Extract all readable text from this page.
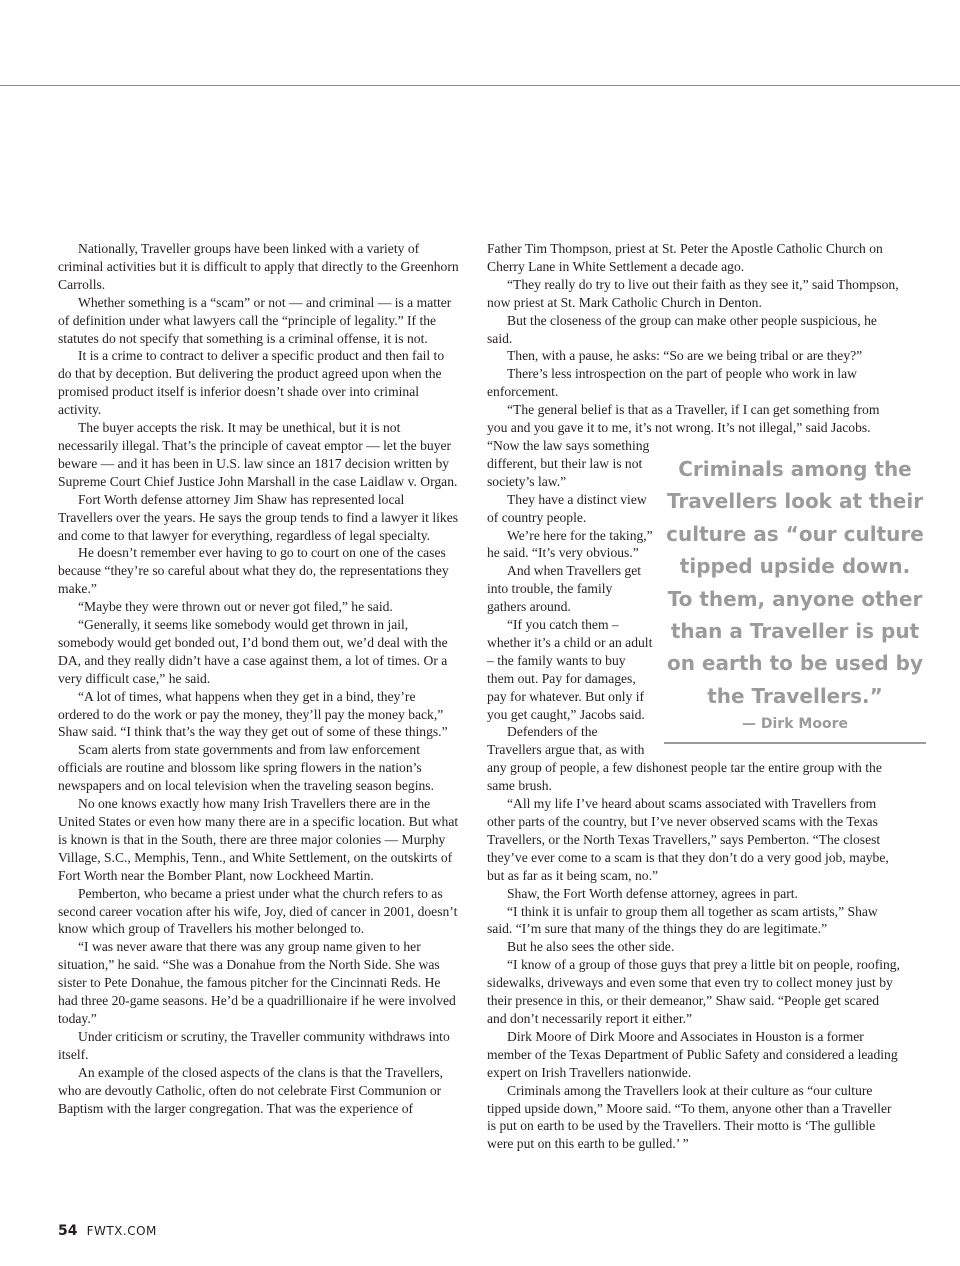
Nationally, Traveller groups have been linked with a variety of criminal activities but it is difficult to apply that directly to the Greenhorn Carrolls.

Whether something is a “scam” or not — and criminal — is a matter of definition under what lawyers call the “principle of legality.” If the statutes do not specify that something is a criminal offense, it is not.

It is a crime to contract to deliver a specific product and then fail to do that by deception. But delivering the product agreed upon when the promised product itself is inferior doesn’t shade over into criminal activity.

The buyer accepts the risk. It may be unethical, but it is not necessarily illegal. That’s the principle of caveat emptor — let the buyer beware — and it has been in U.S. law since an 1817 decision written by Supreme Court Chief Justice John Marshall in the case Laidlaw v. Organ.

Fort Worth defense attorney Jim Shaw has represented local Travellers over the years. He says the group tends to find a lawyer it likes and come to that lawyer for everything, regardless of legal specialty.

He doesn’t remember ever having to go to court on one of the cases because “they’re so careful about what they do, the representations they make.”

“Maybe they were thrown out or never got filed,” he said.

“Generally, it seems like somebody would get thrown in jail, somebody would get bonded out, I’d bond them out, we’d deal with the DA, and they really didn’t have a case against them, a lot of times. Or a very difficult case,” he said.

“A lot of times, what happens when they get in a bind, they’re ordered to do the work or pay the money, they’ll pay the money back,” Shaw said. “I think that’s the way they get out of some of these things.”

Scam alerts from state governments and from law enforcement officials are routine and blossom like spring flowers in the nation’s newspapers and on local television when the traveling season begins.

No one knows exactly how many Irish Travellers there are in the United States or even how many there are in a specific location. But what is known is that in the South, there are three major colonies — Murphy Village, S.C., Memphis, Tenn., and White Settlement, on the outskirts of Fort Worth near the Bomber Plant, now Lockheed Martin.

Pemberton, who became a priest under what the church refers to as second career vocation after his wife, Joy, died of cancer in 2001, doesn’t know which group of Travellers his mother belonged to.

“I was never aware that there was any group name given to her situation,” he said. “She was a Donahue from the North Side. She was sister to Pete Donahue, the famous pitcher for the Cincinnati Reds. He had three 20-game seasons. He’d be a quadrillionaire if he were involved today.”

Under criticism or scrutiny, the Traveller community withdraws into itself.

An example of the closed aspects of the clans is that the Travellers, who are devoutly Catholic, often do not celebrate First Communion or Baptism with the larger congregation. That was the experience of

Father Tim Thompson, priest at St. Peter the Apostle Catholic Church on Cherry Lane in White Settlement a decade ago.

“They really do try to live out their faith as they see it,” said Thompson, now priest at St. Mark Catholic Church in Denton.

But the closeness of the group can make other people suspicious, he said.

Then, with a pause, he asks: “So are we being tribal or are they?”

There’s less introspection on the part of people who work in law enforcement.

“The general belief is that as a Traveller, if I can get something from you and you gave it to me, it’s not wrong. It’s not illegal,” said Jacobs.

Criminals among the Travellers look at their culture as “our culture tipped upside down. To them, anyone other than a Traveller is put on earth to be used by the Travellers.”
— Dirk Moore

“Now the law says something different, but their law is not society’s law.”

They have a distinct view of country people.

We’re here for the taking,” he said. “It’s very obvious.”

And when Travellers get into trouble, the family gathers around.

“If you catch them – whether it’s a child or an adult – the family wants to buy them out. Pay for damages, pay for whatever. But only if you get caught,” Jacobs said.

Defenders of the Travellers argue that, as with any group of people, a few dishonest people tar the entire group with the same brush.

“All my life I’ve heard about scams associated with Travellers from other parts of the country, but I’ve never observed scams with the Texas Travellers, or the North Texas Travellers,” says Pemberton. “The closest they’ve ever come to a scam is that they don’t do a very good job, maybe, but as far as it being scam, no.”

Shaw, the Fort Worth defense attorney, agrees in part.

“I think it is unfair to group them all together as scam artists,” Shaw said. “I’m sure that many of the things they do are legitimate.”

But he also sees the other side.

“I know of a group of those guys that prey a little bit on people, roofing, sidewalks, driveways and even some that even try to collect money just by their presence in this, or their demeanor,” Shaw said. “People get scared and don’t necessarily report it either.”

Dirk Moore of Dirk Moore and Associates in Houston is a former member of the Texas Department of Public Safety and considered a leading expert on Irish Travellers nationwide.

Criminals among the Travellers look at their culture as “our culture tipped upside down,” Moore said. “To them, anyone other than a Traveller is put on earth to be used by the Travellers. Their motto is ‘The gullible were put on this earth to be gulled.’ ”

54 FWTX.COM
